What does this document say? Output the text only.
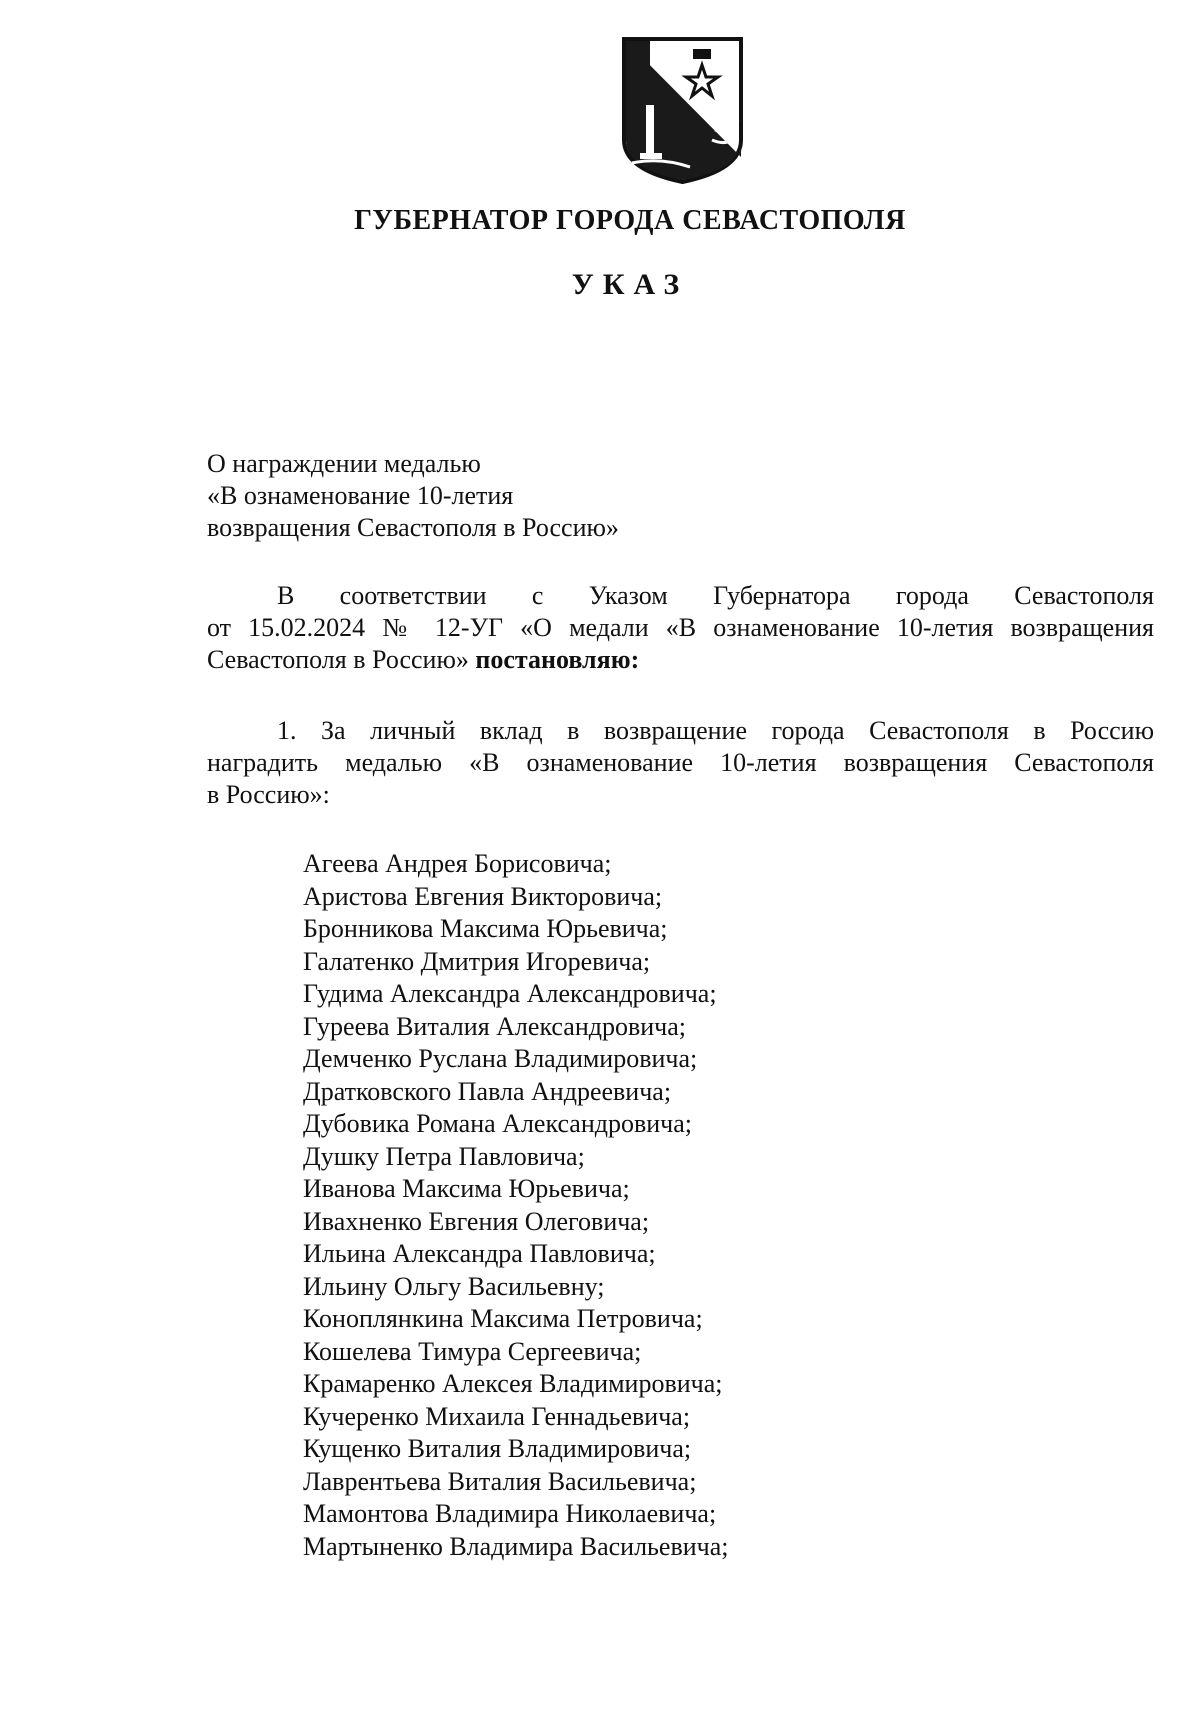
ГУБЕРНАТОР ГОРОДА СЕВАСТОПОЛЯ
УКАЗ
О награждении медалью
«В ознаменование 10-летия
возвращения Севастополя в Россию»
В соответствии с Указом Губернатора города Севастополя
от 15.02.2024 № 12-УГ «О медали «В ознаменование 10-летия возвращения
Севастополя в Россию» постановляю:
1. За личный вклад в возвращение города Севастополя в Россию
наградить медалью «В ознаменование 10-летия возвращения Севастополя
в Россию»:
Агеева Андрея Борисовича;
Аристова Евгения Викторовича;
Бронникова Максима Юрьевича;
Галатенко Дмитрия Игоревича;
Гудима Александра Александровича;
Гуреева Виталия Александровича;
Демченко Руслана Владимировича;
Дратковского Павла Андреевича;
Дубовика Романа Александровича;
Душку Петра Павловича;
Иванова Максима Юрьевича;
Ивахненко Евгения Олеговича;
Ильина Александра Павловича;
Ильину Ольгу Васильевну;
Коноплянкина Максима Петровича;
Кошелева Тимура Сергеевича;
Крамаренко Алексея Владимировича;
Кучеренко Михаила Геннадьевича;
Кущенко Виталия Владимировича;
Лаврентьева Виталия Васильевича;
Мамонтова Владимира Николаевича;
Мартыненко Владимира Васильевича;
